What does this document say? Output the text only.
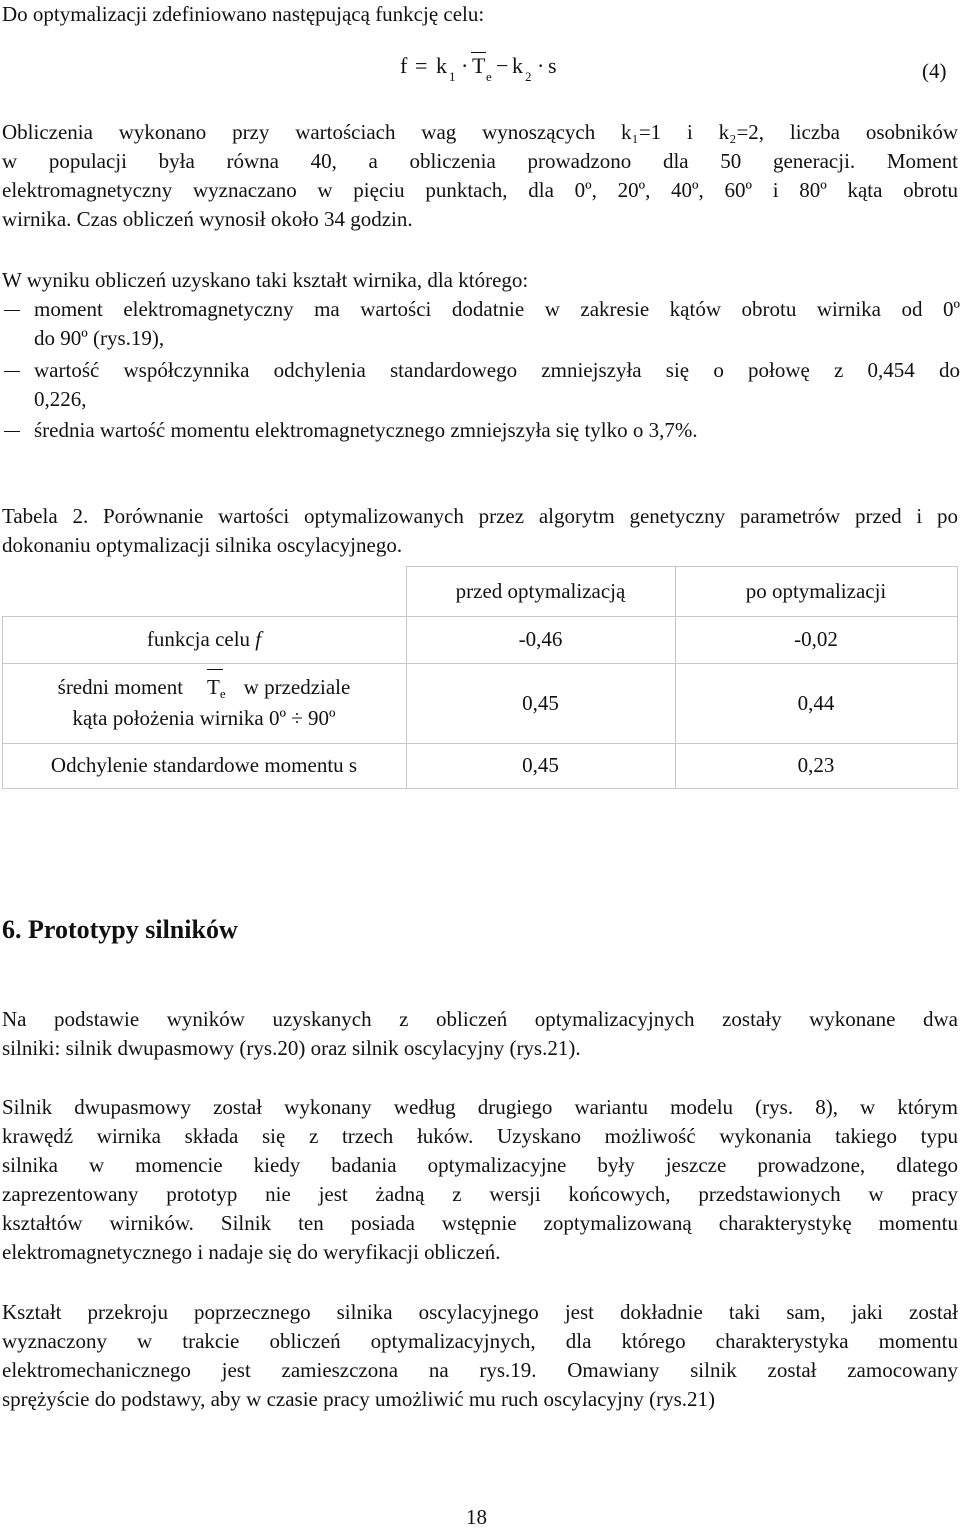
Do optymalizacji zdefiniowano następującą funkcję celu:

f = k 1 · T e − k 2 · s	(4)
Obliczenia wykonano przy wartościach wag wynoszących k₁=1 i k₂=2, liczba osobników
w populacji była równa 40, a obliczenia prowadzono dla 50 generacji. Moment
elektromagnetyczny wyznaczano w pięciu punktach, dla 0º, 20º, 40º, 60º i 80º kąta obrotu
wirnika. Czas obliczeń wynosił około 34 godzin.

W wyniku obliczeń uzyskano taki kształt wirnika, dla którego:

moment elektromagnetyczny ma wartości dodatnie w zakresie kątów obrotu wirnika od 0º
do 90º (rys.19),
wartość współczynnika odchylenia standardowego zmniejszyła się o połowę z 0,454 do
0,226,
średnia wartość momentu elektromagnetycznego zmniejszyła się tylko o 3,7%.
Tabela 2. Porównanie wartości optymalizowanych przez algorytm genetyczny parametrów przed i po
dokonaniu optymalizacji silnika oscylacyjnego.
przed optymalizacją	po optymalizacji
funkcja celu f	-0,46	-0,02
średni moment Te w przedziale
kąta położenia wirnika 0º ÷ 90º
0,45	0,44
Odchylenie standardowe momentu s	0,45	0,23
6. Prototypy silników
Na podstawie wyników uzyskanych z obliczeń optymalizacyjnych zostały wykonane dwa
silniki: silnik dwupasmowy (rys.20) oraz silnik oscylacyjny (rys.21).
Silnik dwupasmowy został wykonany według drugiego wariantu modelu (rys. 8), w którym
krawędź wirnika składa się z trzech łuków. Uzyskano możliwość wykonania takiego typu
silnika w momencie kiedy badania optymalizacyjne były jeszcze prowadzone, dlatego
zaprezentowany prototyp nie jest żadną z wersji końcowych, przedstawionych w pracy
kształtów wirników. Silnik ten posiada wstępnie zoptymalizowaną charakterystykę momentu
elektromagnetycznego i nadaje się do weryfikacji obliczeń.
Kształt przekroju poprzecznego silnika oscylacyjnego jest dokładnie taki sam, jaki został
wyznaczony w trakcie obliczeń optymalizacyjnych, dla którego charakterystyka momentu
elektromechanicznego jest zamieszczona na rys.19. Omawiany silnik został zamocowany
sprężyście do podstawy, aby w czasie pracy umożliwić mu ruch oscylacyjny (rys.21)
18
